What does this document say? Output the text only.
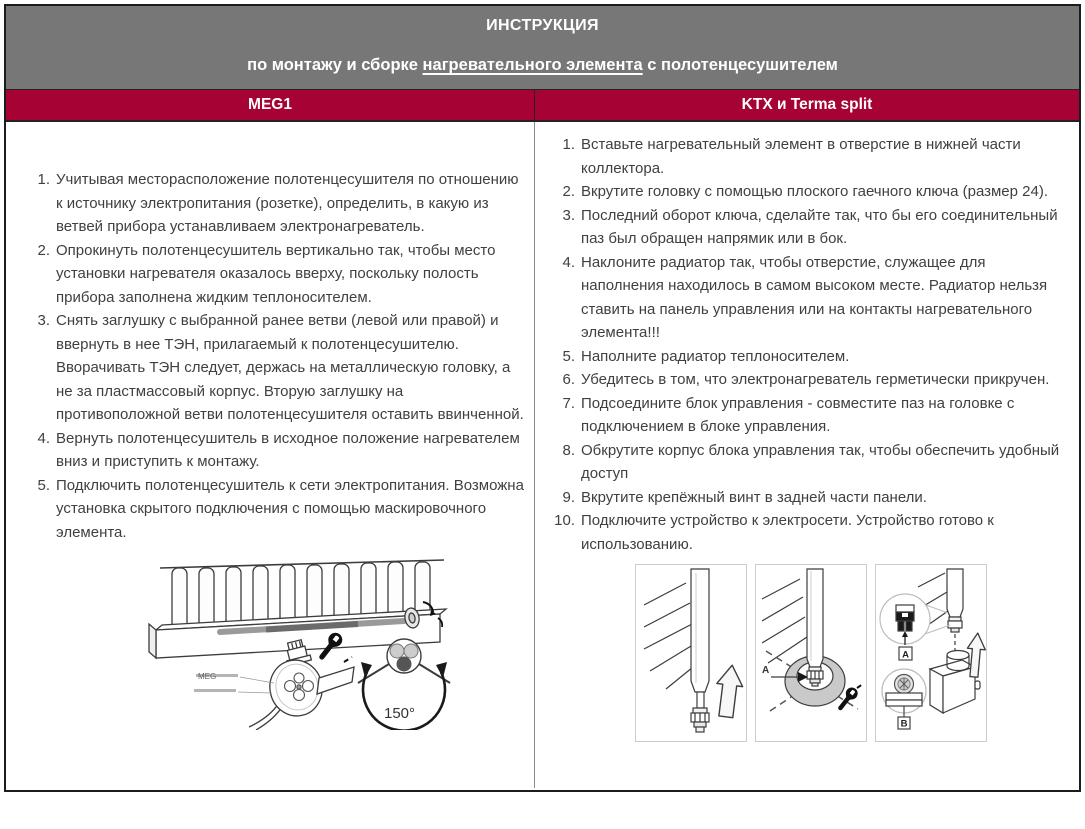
ИНСТРУКЦИЯ
по монтажу и сборке нагревательного элемента с полотенцесушителем
MEG1	KTX и Terma split
1. Учитывая месторасположение полотенцесушителя по отношению к источнику электропитания (розетке), определить, в какую из ветвей прибора устанавливаем электронагреватель.
2. Опрокинуть полотенцесушитель вертикально так, чтобы место установки нагревателя оказалось вверху, поскольку полость прибора заполнена жидким теплоносителем.
3. Снять заглушку с выбранной ранее ветви (левой или правой) и ввернуть в нее ТЭН, прилагаемый к полотенцесушителю. Вворачивать ТЭН следует, держась на металлическую головку, а не за пластмассовый корпус. Вторую заглушку на противоположной ветви полотенцесушителя оставить ввинченной.
4. Вернуть полотенцесушитель в исходное положение нагревателем вниз и приступить к монтажу.
5. Подключить полотенцесушитель к сети электропитания. Возможна установка скрытого подключения с помощью маскировочного элемента.
MEG
150°
1. Вставьте нагревательный элемент в отверстие в нижней части коллектора.
2. Вкрутите головку с помощью плоского гаечного ключа (размер 24).
3. Последний оборот ключа, сделайте так, что бы его соединительный паз был обращен напрямик или в бок.
4. Наклоните радиатор так, чтобы отверстие, служащее для наполнения находилось в самом высоком месте. Радиатор нельзя ставить на панель управления или на контакты нагревательного элемента!!!
5. Наполните радиатор теплоносителем.
6. Убедитесь в том, что электронагреватель герметически прикручен.
7. Подсоедините блок управления - совместите паз на головке с подключением в блоке управления.
8. Обкрутите корпус блока управления так, чтобы обеспечить удобный доступ
9. Вкрутите крепёжный винт в задней части панели.
10. Подключите устройство к электросети. Устройство готово к использованию.
A
A
B
